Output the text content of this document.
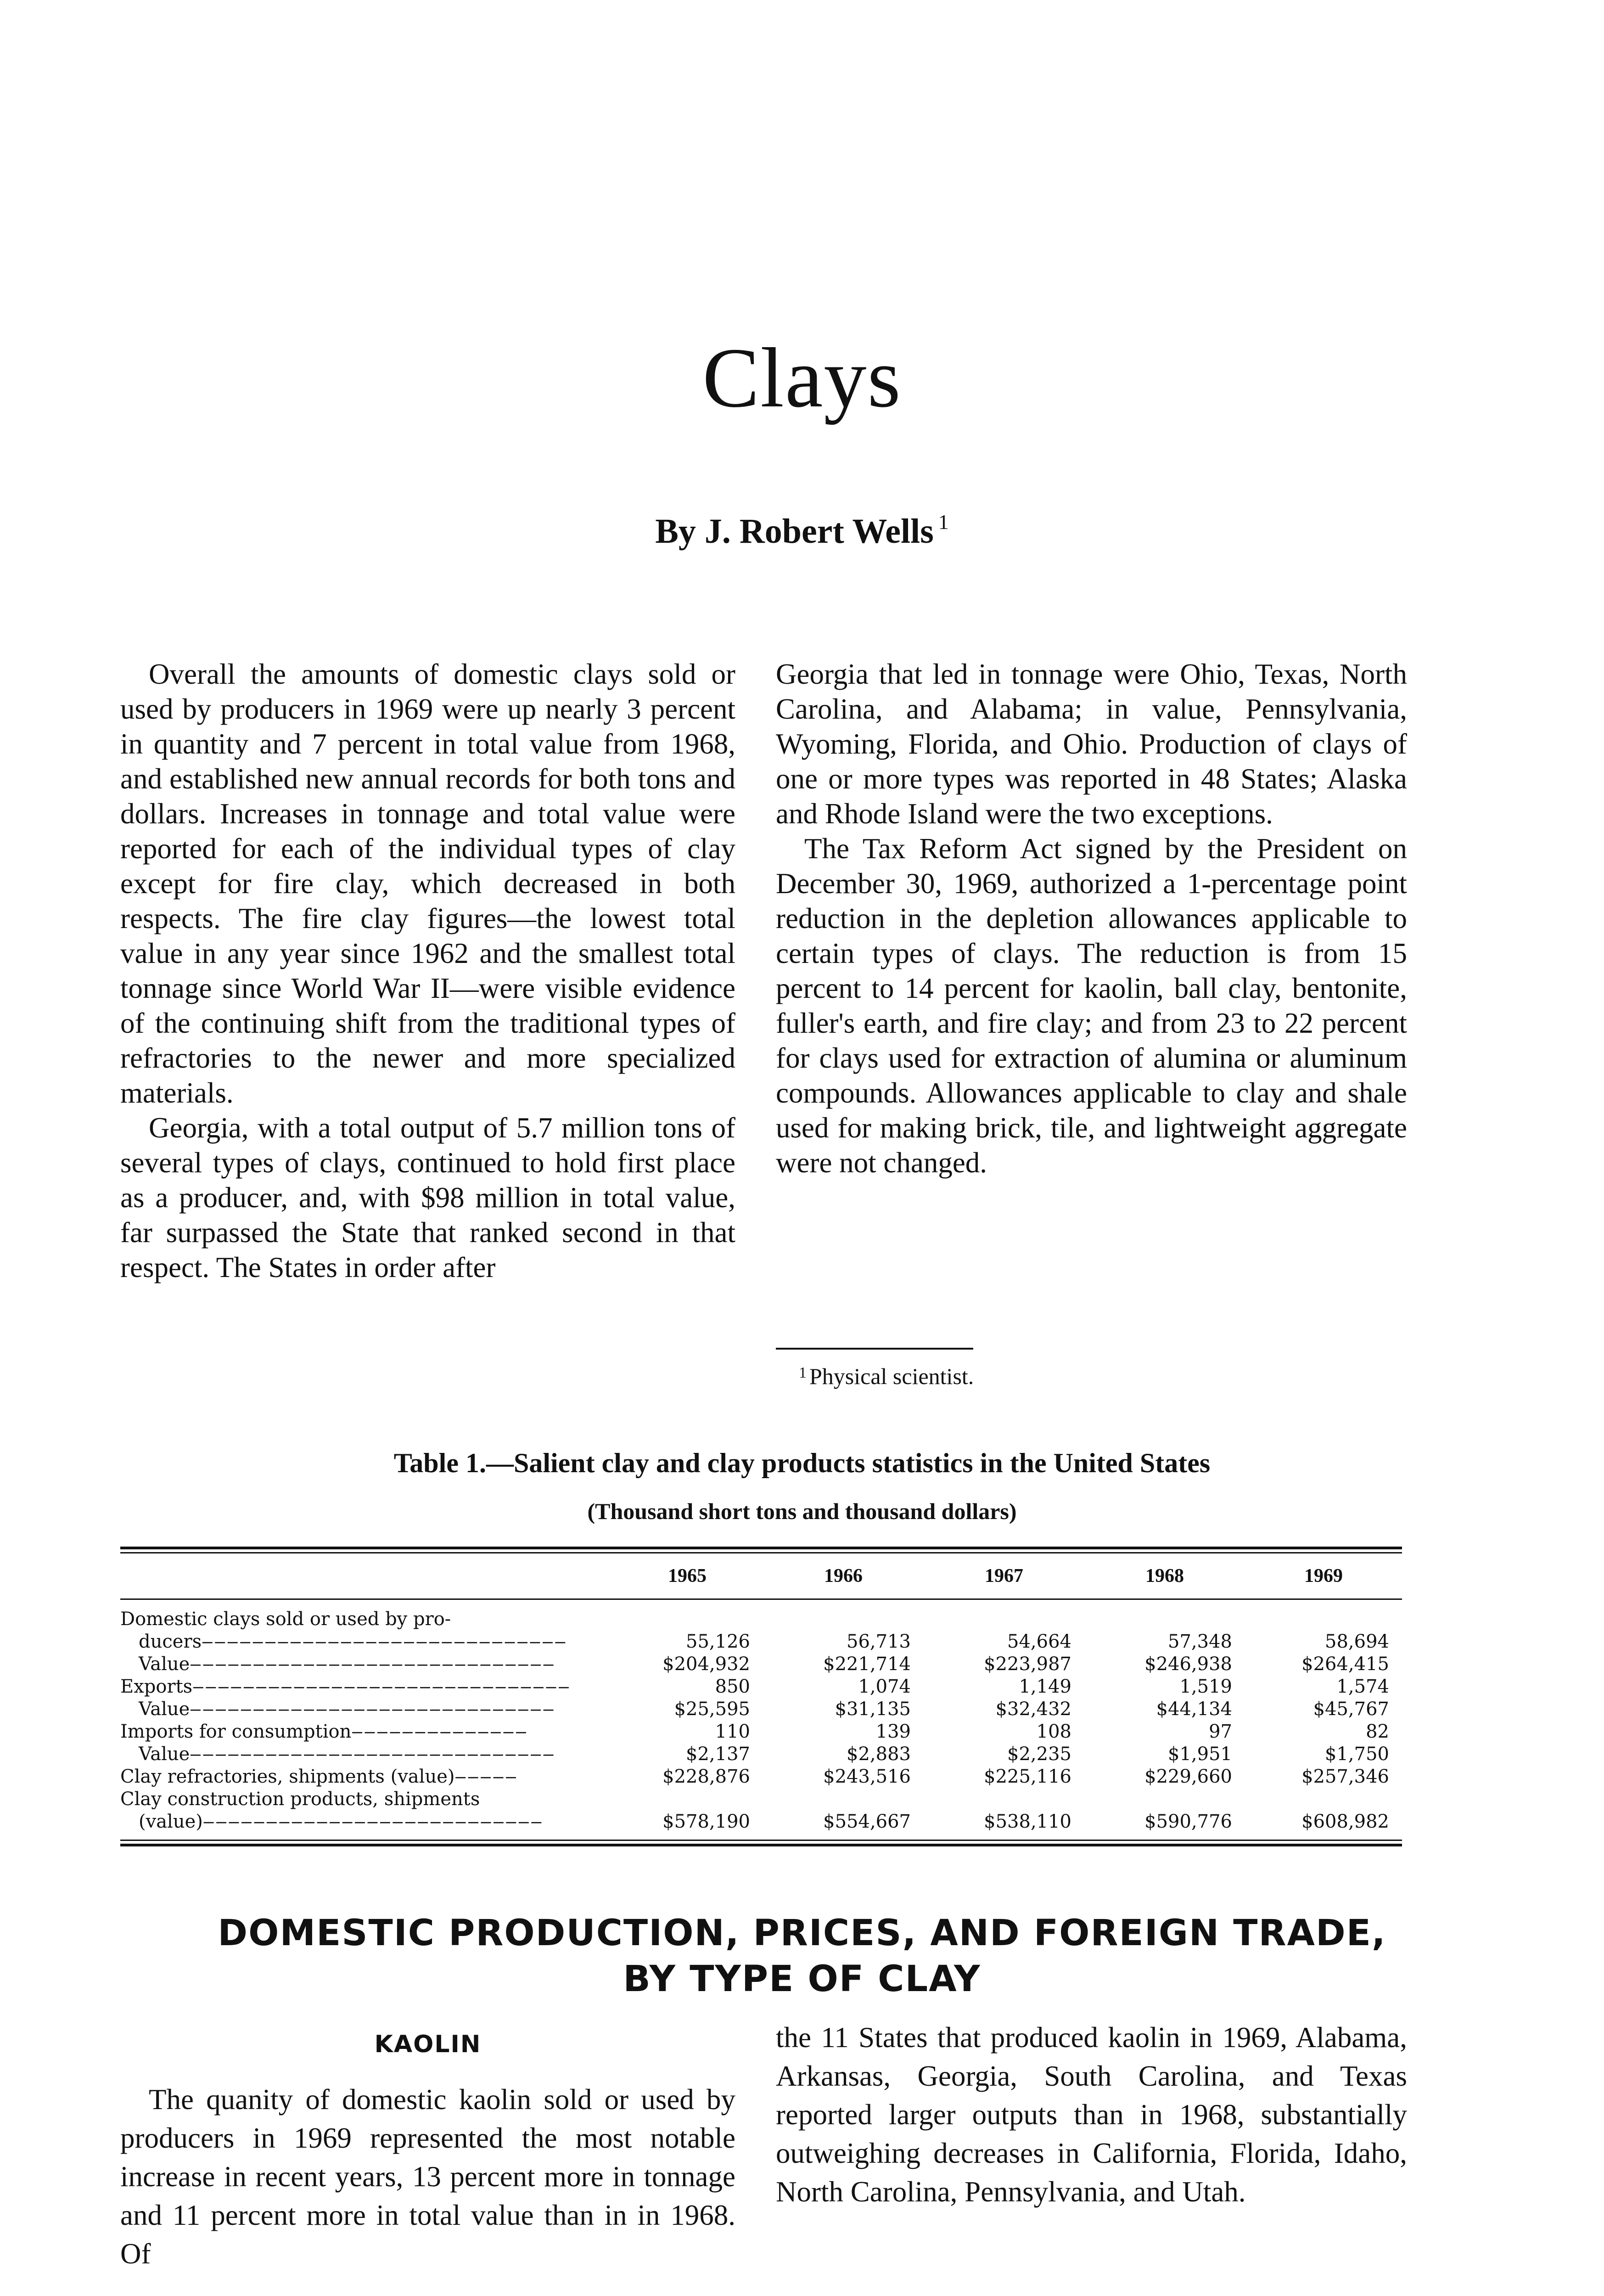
Clays
By J. Robert Wells $^1$

Overall the amounts of domestic clays sold or used by producers in 1969 were up nearly 3 percent in quantity and 7 percent in total value from 1968, and established new annual records for both tons and dollars. Increases in tonnage and total value were reported for each of the individual types of clay except for fire clay, which decreased in both respects. The fire clay figures—the lowest total value in any year since 1962 and the smallest total tonnage since World War II—were visible evidence of the continuing shift from the traditional types of refractories to the newer and more specialized materials.

Georgia, with a total output of 5.7 million tons of several types of clays, continued to hold first place as a producer, and, with $98 million in total value, far surpassed the State that ranked second in that respect. The States in order after

Georgia that led in tonnage were Ohio, Texas, North Carolina, and Alabama; in value, Pennsylvania, Wyoming, Florida, and Ohio. Production of clays of one or more types was reported in 48 States; Alaska and Rhode Island were the two exceptions.

The Tax Reform Act signed by the President on December 30, 1969, authorized a 1-percentage point reduction in the depletion allowances applicable to certain types of clays. The reduction is from 15 percent to 14 percent for kaolin, ball clay, bentonite, fuller's earth, and fire clay; and from 23 to 22 percent for clays used for extraction of alumina or aluminum compounds. Allowances applicable to clay and shale used for making brick, tile, and lightweight aggregate were not changed.

$^1$ Physical scientist.
Table 1.—Salient clay and clay products statistics in the United States
(Thousand short tons and thousand dollars)
	1965	1966	1967	1968	1969

Domestic clays sold or used by pro-					
ducers‒‒‒‒‒‒‒‒‒‒‒‒‒‒‒‒‒‒‒‒‒‒‒‒‒‒‒‒‒	55,126	56,713	54,664	57,348	58,694
Value‒‒‒‒‒‒‒‒‒‒‒‒‒‒‒‒‒‒‒‒‒‒‒‒‒‒‒‒‒	$204,932	$221,714	$223,987	$246,938	$264,415
Exports‒‒‒‒‒‒‒‒‒‒‒‒‒‒‒‒‒‒‒‒‒‒‒‒‒‒‒‒‒‒	850	1,074	1,149	1,519	1,574
Value‒‒‒‒‒‒‒‒‒‒‒‒‒‒‒‒‒‒‒‒‒‒‒‒‒‒‒‒‒	$25,595	$31,135	$32,432	$44,134	$45,767
Imports for consumption‒‒‒‒‒‒‒‒‒‒‒‒‒‒	110	139	108	97	82
Value‒‒‒‒‒‒‒‒‒‒‒‒‒‒‒‒‒‒‒‒‒‒‒‒‒‒‒‒‒	$2,137	$2,883	$2,235	$1,951	$1,750
Clay refractories, shipments (value)‒‒‒‒‒	$228,876	$243,516	$225,116	$229,660	$257,346
Clay construction products, shipments					
(value)‒‒‒‒‒‒‒‒‒‒‒‒‒‒‒‒‒‒‒‒‒‒‒‒‒‒‒	$578,190	$554,667	$538,110	$590,776	$608,982
DOMESTIC PRODUCTION, PRICES, AND FOREIGN TRADE,
BY TYPE OF CLAY
KAOLIN

The quanity of domestic kaolin sold or used by producers in 1969 represented the most notable increase in recent years, 13 percent more in tonnage and 11 percent more in total value than in in 1968. Of

the 11 States that produced kaolin in 1969, Alabama, Arkansas, Georgia, South Carolina, and Texas reported larger outputs than in 1968, substantially outweighing decreases in California, Florida, Idaho, North Carolina, Pennsylvania, and Utah.
